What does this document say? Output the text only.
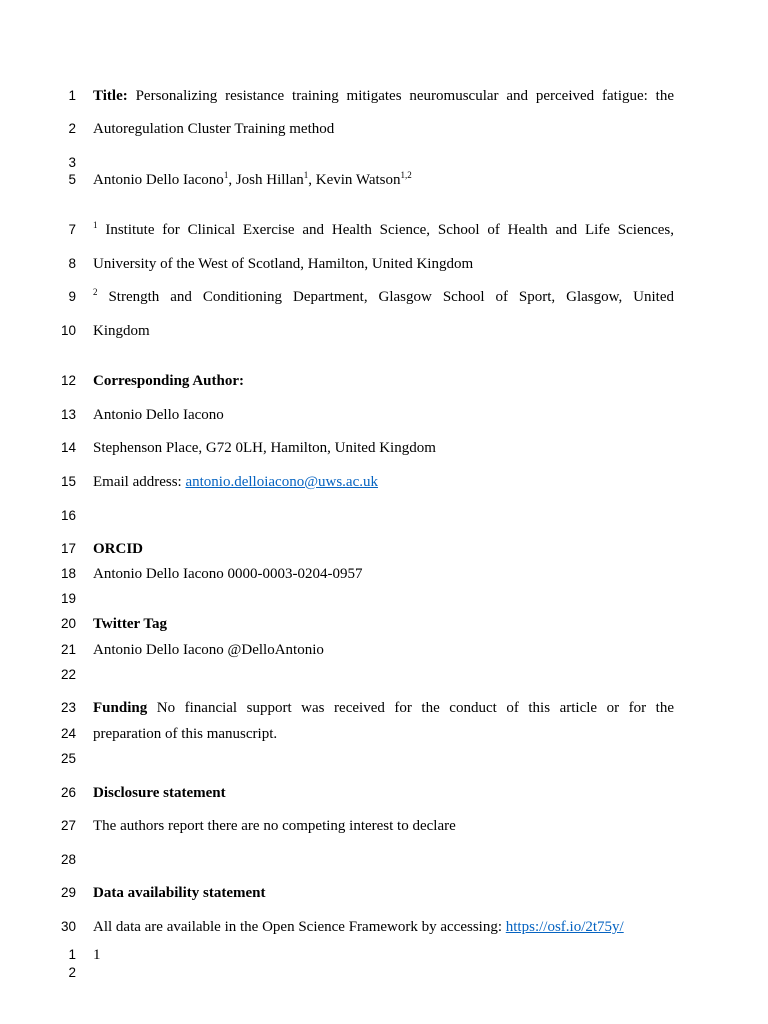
1
2
3
5
7
8
9
10
12
13
14
15
16
17
18
19
20
21
22
23
24
25
26
27
28
29
30
1
2
Title: Personalizing resistance training mitigates neuromuscular and perceived fatigue: the
Autoregulation Cluster Training method
Antonio Dello Iacono$^1$, Josh Hillan$^1$, Kevin Watson$^{1,2}$
$^1$ Institute for Clinical Exercise and Health Science, School of Health and Life Sciences,
University of the West of Scotland, Hamilton, United Kingdom
$^2$ Strength and Conditioning Department, Glasgow School of Sport, Glasgow, United
Kingdom
Corresponding Author:
Antonio Dello Iacono
Stephenson Place, G72 0LH, Hamilton, United Kingdom
Email address: antonio.delloiacono@uws.ac.uk
ORCID
Antonio Dello Iacono 0000-0003-0204-0957
Twitter Tag
Antonio Dello Iacono @DelloAntonio
Funding No financial support was received for the conduct of this article or for the
preparation of this manuscript.
Disclosure statement
The authors report there are no competing interest to declare
Data availability statement
All data are available in the Open Science Framework by accessing: https://osf.io/2t75y/
1
